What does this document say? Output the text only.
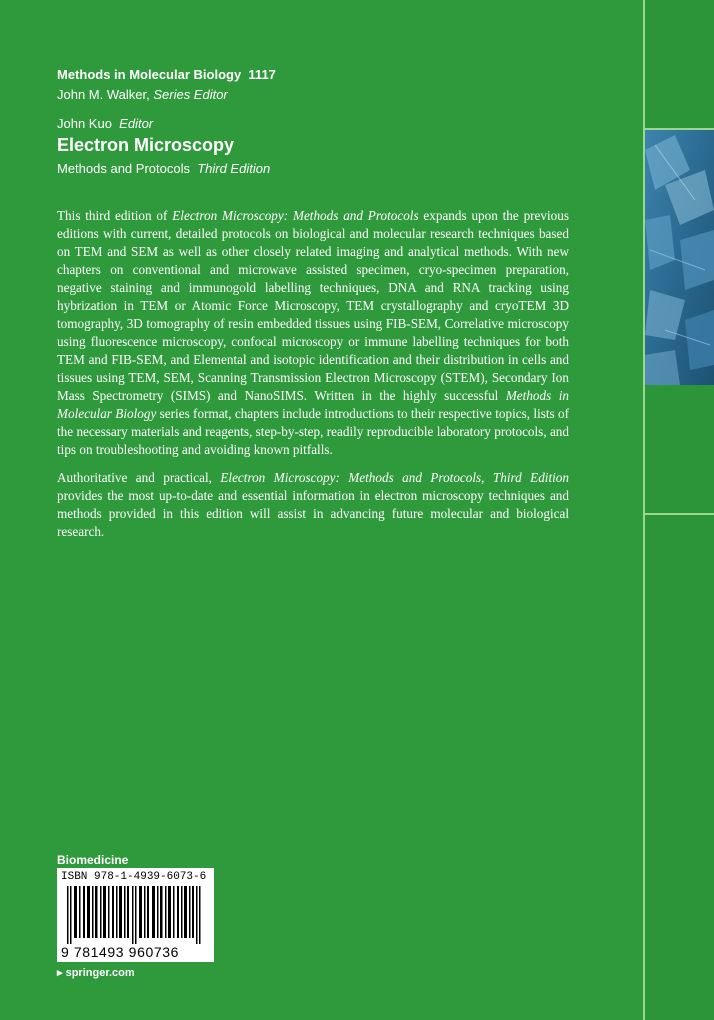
Methods in Molecular Biology 1117
John M. Walker, Series Editor
John Kuo Editor
Electron Microscopy
Methods and Protocols Third Edition

This third edition of Electron Microscopy: Methods and Protocols expands upon the previous editions with current, detailed protocols on biological and molecular research techniques based on TEM and SEM as well as other closely related imaging and analytical methods. With new chapters on conventional and microwave assisted specimen, cryo-specimen preparation, negative staining and immunogold labelling techniques, DNA and RNA tracking using hybrization in TEM or Atomic Force Microscopy, TEM crystallography and cryoTEM 3D tomography, 3D tomography of resin embedded tissues using FIB-SEM, Correlative microscopy using fluorescence microscopy, confocal microscopy or immune labelling techniques for both TEM and FIB-SEM, and Elemental and isotopic identification and their distribution in cells and tissues using TEM, SEM, Scanning Transmission Electron Microscopy (STEM), Secondary Ion Mass Spectrometry (SIMS) and NanoSIMS. Written in the highly successful Methods in Molecular Biology series format, chapters include introductions to their respective topics, lists of the necessary materials and reagents, step-by-step, readily reproducible laboratory protocols, and tips on troubleshooting and avoiding known pitfalls.

Authoritative and practical, Electron Microscopy: Methods and Protocols, Third Edition provides the most up-to-date and essential information in electron microscopy techniques and methods provided in this edition will assist in advancing future molecular and biological research.

Biomedicine
ISBN 978-1-4939-6073-6
9 781493 960736
▸ springer.com
